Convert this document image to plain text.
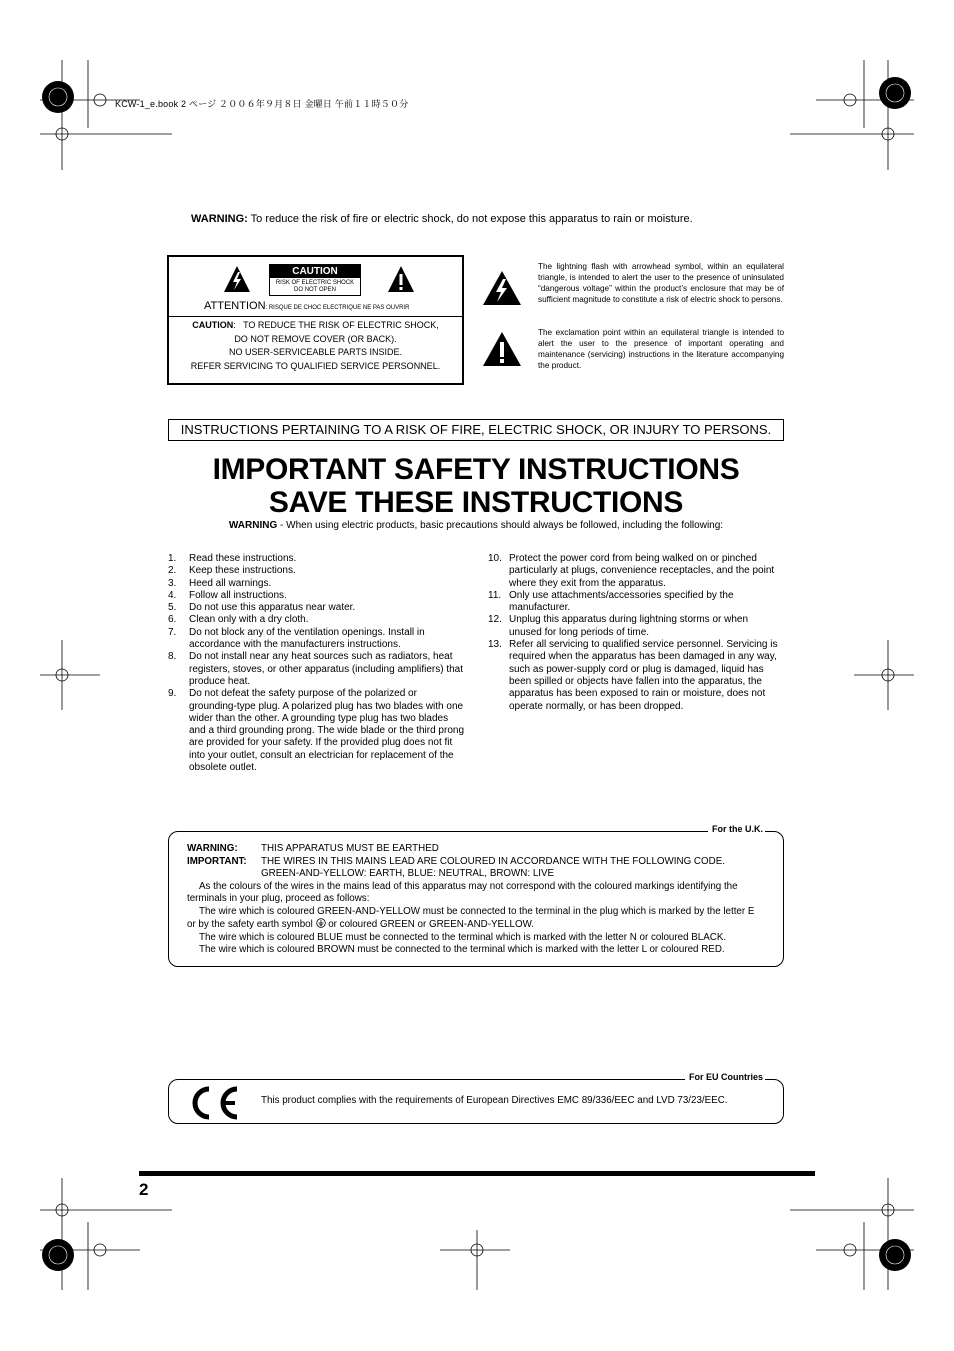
KCW-1_e.book 2 ページ ２００６年９月８日 金曜日 午前１１時５０分
WARNING: To reduce the risk of fire or electric shock, do not expose this apparatus to rain or moisture.
CAUTION
RISK OF ELECTRIC SHOCK
DO NOT OPEN
ATTENTION: RISQUE DE CHOC ELECTRIQUE NE PAS OUVRIR
CAUTION:   TO REDUCE THE RISK OF ELECTRIC SHOCK,
DO NOT REMOVE COVER (OR BACK).
NO USER-SERVICEABLE PARTS INSIDE.
REFER SERVICING TO QUALIFIED SERVICE PERSONNEL.
The lightning flash with arrowhead symbol, within an equilateral triangle, is intended to alert the user to the presence of uninsulated “dangerous voltage” within the product’s enclosure that may be of sufficient magnitude to constitute a risk of electric shock to persons.
The exclamation point within an equilateral triangle is intended to alert the user to the presence of important operating and maintenance (servicing) instructions in the literature accompanying the product.
INSTRUCTIONS PERTAINING TO A RISK OF FIRE, ELECTRIC SHOCK, OR INJURY TO PERSONS.
IMPORTANT SAFETY INSTRUCTIONS
SAVE THESE INSTRUCTIONS
WARNING - When using electric products, basic precautions should always be followed, including the following:
1. Read these instructions.
2. Keep these instructions.
3. Heed all warnings.
4. Follow all instructions.
5. Do not use this apparatus near water.
6. Clean only with a dry cloth.
7. Do not block any of the ventilation openings. Install in accordance with the manufacturers instructions.
8. Do not install near any heat sources such as radiators, heat registers, stoves, or other apparatus (including amplifiers) that produce heat.
9. Do not defeat the safety purpose of the polarized or grounding-type plug. A polarized plug has two blades with one wider than the other. A grounding type plug has two blades and a third grounding prong. The wide blade or the third prong are provided for your safety. If the provided plug does not fit into your outlet, consult an electrician for replacement of the obsolete outlet.
10. Protect the power cord from being walked on or pinched particularly at plugs, convenience receptacles, and the point where they exit from the apparatus.
11. Only use attachments/accessories specified by the manufacturer.
12. Unplug this apparatus during lightning storms or when unused for long periods of time.
13. Refer all servicing to qualified service personnel. Servicing is required when the apparatus has been damaged in any way, such as power-supply cord or plug is damaged, liquid has been spilled or objects have fallen into the apparatus, the apparatus has been exposed to rain or moisture, does not operate normally, or has been dropped.
For the U.K.
WARNING:	THIS APPARATUS MUST BE EARTHED
IMPORTANT:	THE WIRES IN THIS MAINS LEAD ARE COLOURED IN ACCORDANCE WITH THE FOLLOWING CODE.
GREEN-AND-YELLOW: EARTH, BLUE: NEUTRAL, BROWN: LIVE
As the colours of the wires in the mains lead of this apparatus may not correspond with the coloured markings identifying the terminals in your plug, proceed as follows:
The wire which is coloured GREEN-AND-YELLOW must be connected to the terminal in the plug which is marked by the letter E or by the safety earth symbol  or coloured GREEN or GREEN-AND-YELLOW.
The wire which is coloured BLUE must be connected to the terminal which is marked with the letter N or coloured BLACK.
The wire which is coloured BROWN must be connected to the terminal which is marked with the letter L or coloured RED.
For EU Countries
This product complies with the requirements of European Directives EMC 89/336/EEC and LVD 73/23/EEC.
2
